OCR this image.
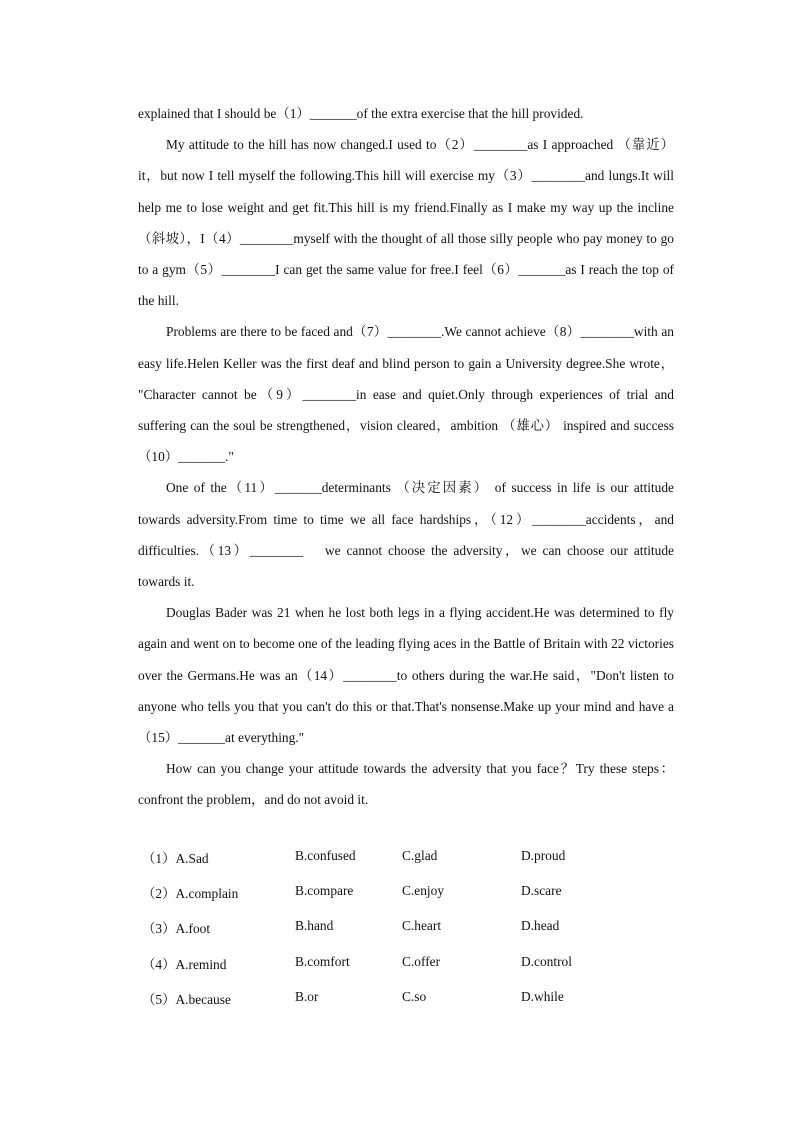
explained that I should be（1）_______of the extra exercise that the hill provided.

My attitude to the hill has now changed.I used to（2）________as I approached （靠近）it，but now I tell myself the following.This hill will exercise my（3）________and lungs.It will help me to lose weight and get fit.This hill is my friend.Finally as I make my way up the incline （斜坡），I（4）________myself with the thought of all those silly people who pay money to go to a gym（5）________I can get the same value for free.I feel（6）_______as I reach the top of the hill.

Problems are there to be faced and（7）________.We cannot achieve（8）________with an easy life.Helen Keller was the first deaf and blind person to gain a University degree.She wrote， "Character cannot be（9）________in ease and quiet.Only through experiences of trial and suffering can the soul be strengthened，vision cleared，ambition （雄心） inspired and success（10）_______."

One of the（11）_______determinants （决定因素） of success in life is our attitude towards adversity.From time to time we all face hardships，（12）________accidents，and difficulties.（13）________ 　we cannot choose the adversity，we can choose our attitude towards it.

Douglas Bader was 21 when he lost both legs in a flying accident.He was determined to fly again and went on to become one of the leading flying aces in the Battle of Britain with 22 victories over the Germans.He was an（14）________to others during the war.He said，"Don't listen to anyone who tells you that you can't do this or that.That's nonsense.Make up your mind and have a（15）_______at everything."

How can you change your attitude towards the adversity that you face？Try these steps：confront the problem，and do not avoid it.

（1）A.Sad	B.confused	C.glad	D.proud
（2）A.complain	B.compare	C.enjoy	D.scare
（3）A.foot	B.hand	C.heart	D.head
（4）A.remind	B.comfort	C.offer	D.control
（5）A.because	B.or	C.so	D.while
